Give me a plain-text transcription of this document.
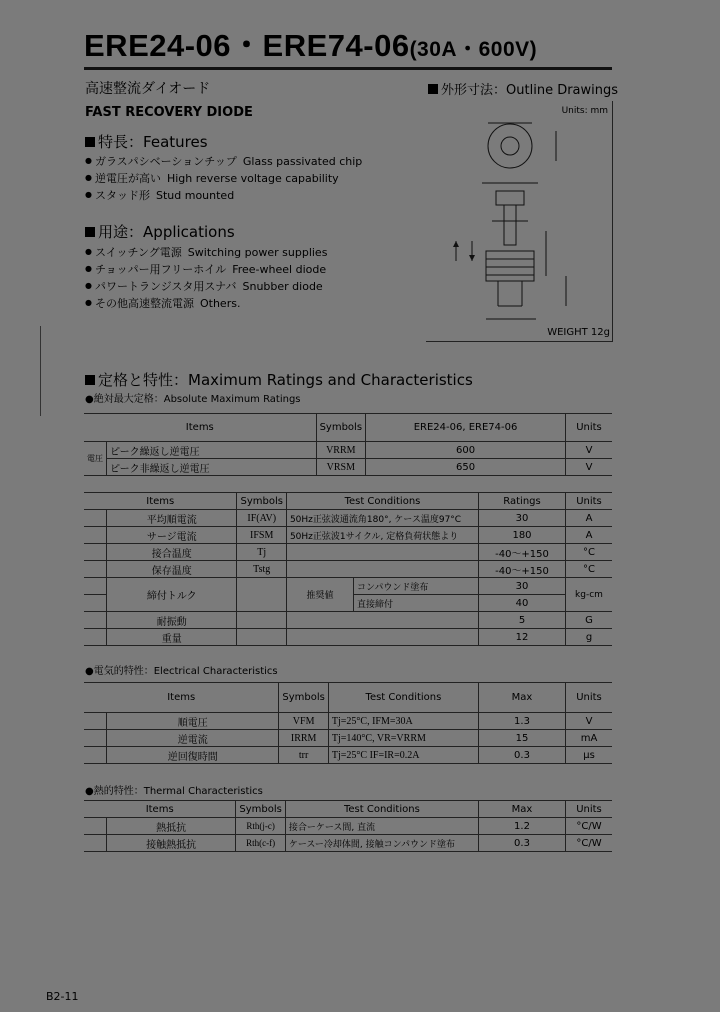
ERE24-06・ERE74-06(30A・600V)
高速整流ダイオード
FAST RECOVERY DIODE
特長：Features
● ガラスパシベーションチップ Glass passivated chip
● 逆電圧が高い High reverse voltage capability
● スタッド形 Stud mounted
用途：Applications
● スイッチング電源 Switching power supplies
● チョッパー用フリーホイル Free-wheel diode
● パワートランジスタ用スナバ Snubber diode
● その他高速整流電源 Others.
外形寸法：Outline Drawings
Units: mm
WEIGHT 12g
定格と特性：Maximum Ratings and Characteristics
●絶対最大定格：Absolute Maximum Ratings
Items		Symbols	ERE24-06, ERE74-06	Units
電圧	ピーク繰返し逆電圧	VRRM	600	V
	ピーク非繰返し逆電圧	VRSM	650	V
Items		Symbols	Test Conditions		Ratings	Units
	平均順電流	IF(AV)	50Hz正弦波通流角180°, ケース温度97°C		30	A
	サージ電流	IFSM	50Hz正弦波1サイクル, 定格負荷状態より		180	A
	接合温度	Tj			-40～+150	°C
	保存温度	Tstg			-40～+150	°C
	締付トルク		推奨値	コンパウンド塗布	30	kg-cm
				直接締付	40	
	耐振動				5	G
	重量				12	g
●電気的特性：Electrical Characteristics
Items		Symbols	Test Conditions	Max	Units
	順電圧	VFM	Tj=25°C, IFM=30A	1.3	V
	逆電流	IRRM	Tj=140°C, VR=VRRM	15	mA
	逆回復時間	trr	Tj=25°C IF=IR=0.2A	0.3	μs
●熱的特性：Thermal Characteristics
Items		Symbols	Test Conditions	Max	Units
	熱抵抗	Rth(j-c)	接合ーケース間, 直流	1.2	°C/W
	接触熱抵抗	Rth(c-f)	ケースー冷却体間, 接触コンパウンド塗布	0.3	°C/W
B2-11
